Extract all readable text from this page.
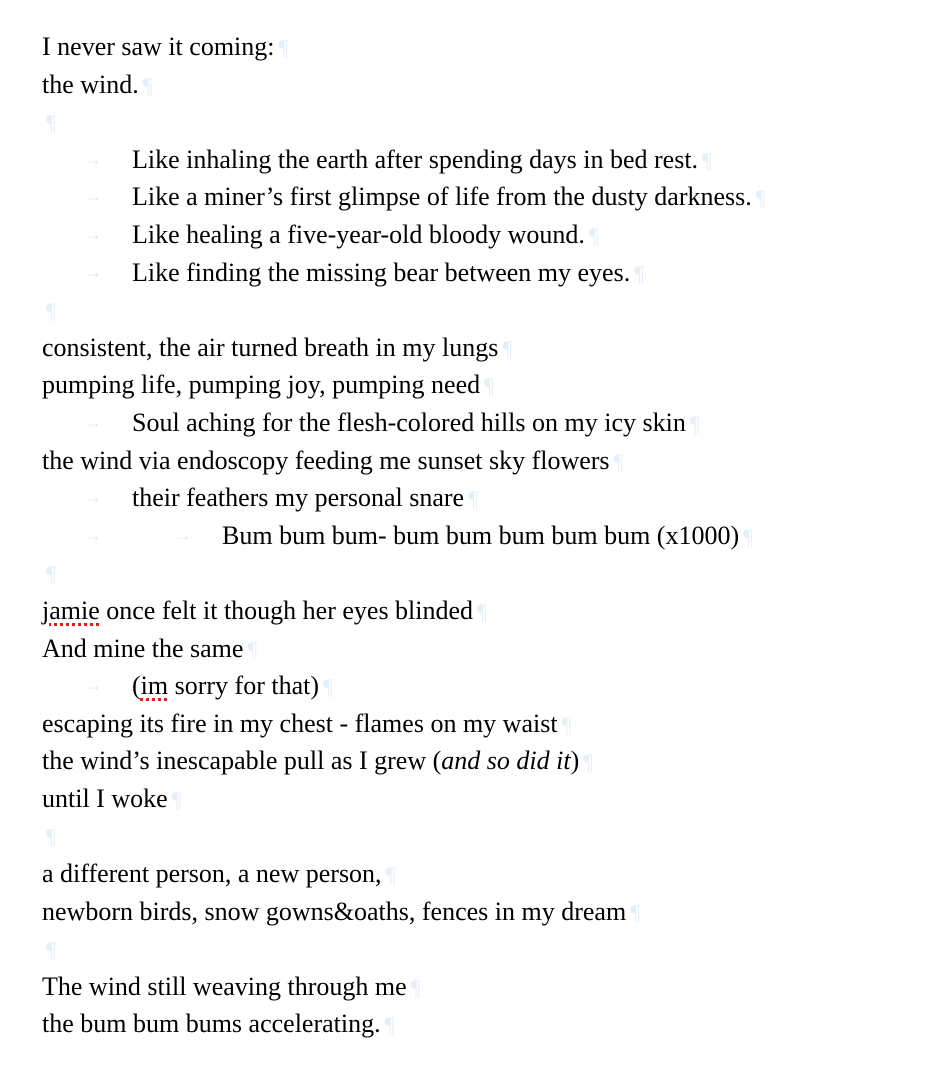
I never saw it coming: ¶
the wind. ¶
¶
→ Like inhaling the earth after spending days in bed rest. ¶
→ Like a miner’s first glimpse of life from the dusty darkness. ¶
→ Like healing a five-year-old bloody wound. ¶
→ Like finding the missing bear between my eyes. ¶
¶
consistent, the air turned breath in my lungs ¶
pumping life, pumping joy, pumping need ¶
→ Soul aching for the flesh-colored hills on my icy skin ¶
the wind via endoscopy feeding me sunset sky flowers ¶
→ their feathers my personal snare ¶
→	→ Bum bum bum- bum bum bum bum bum (x1000) ¶
¶
jamie once felt it though her eyes blinded ¶
And mine the same ¶
→ (im sorry for that) ¶
escaping its fire in my chest - flames on my waist ¶
the wind’s inescapable pull as I grew (and so did it) ¶
until I woke ¶
¶
a different person, a new person, ¶
newborn birds, snow gowns&oaths, fences in my dream ¶
¶
The wind still weaving through me ¶
the bum bum bums accelerating. ¶
